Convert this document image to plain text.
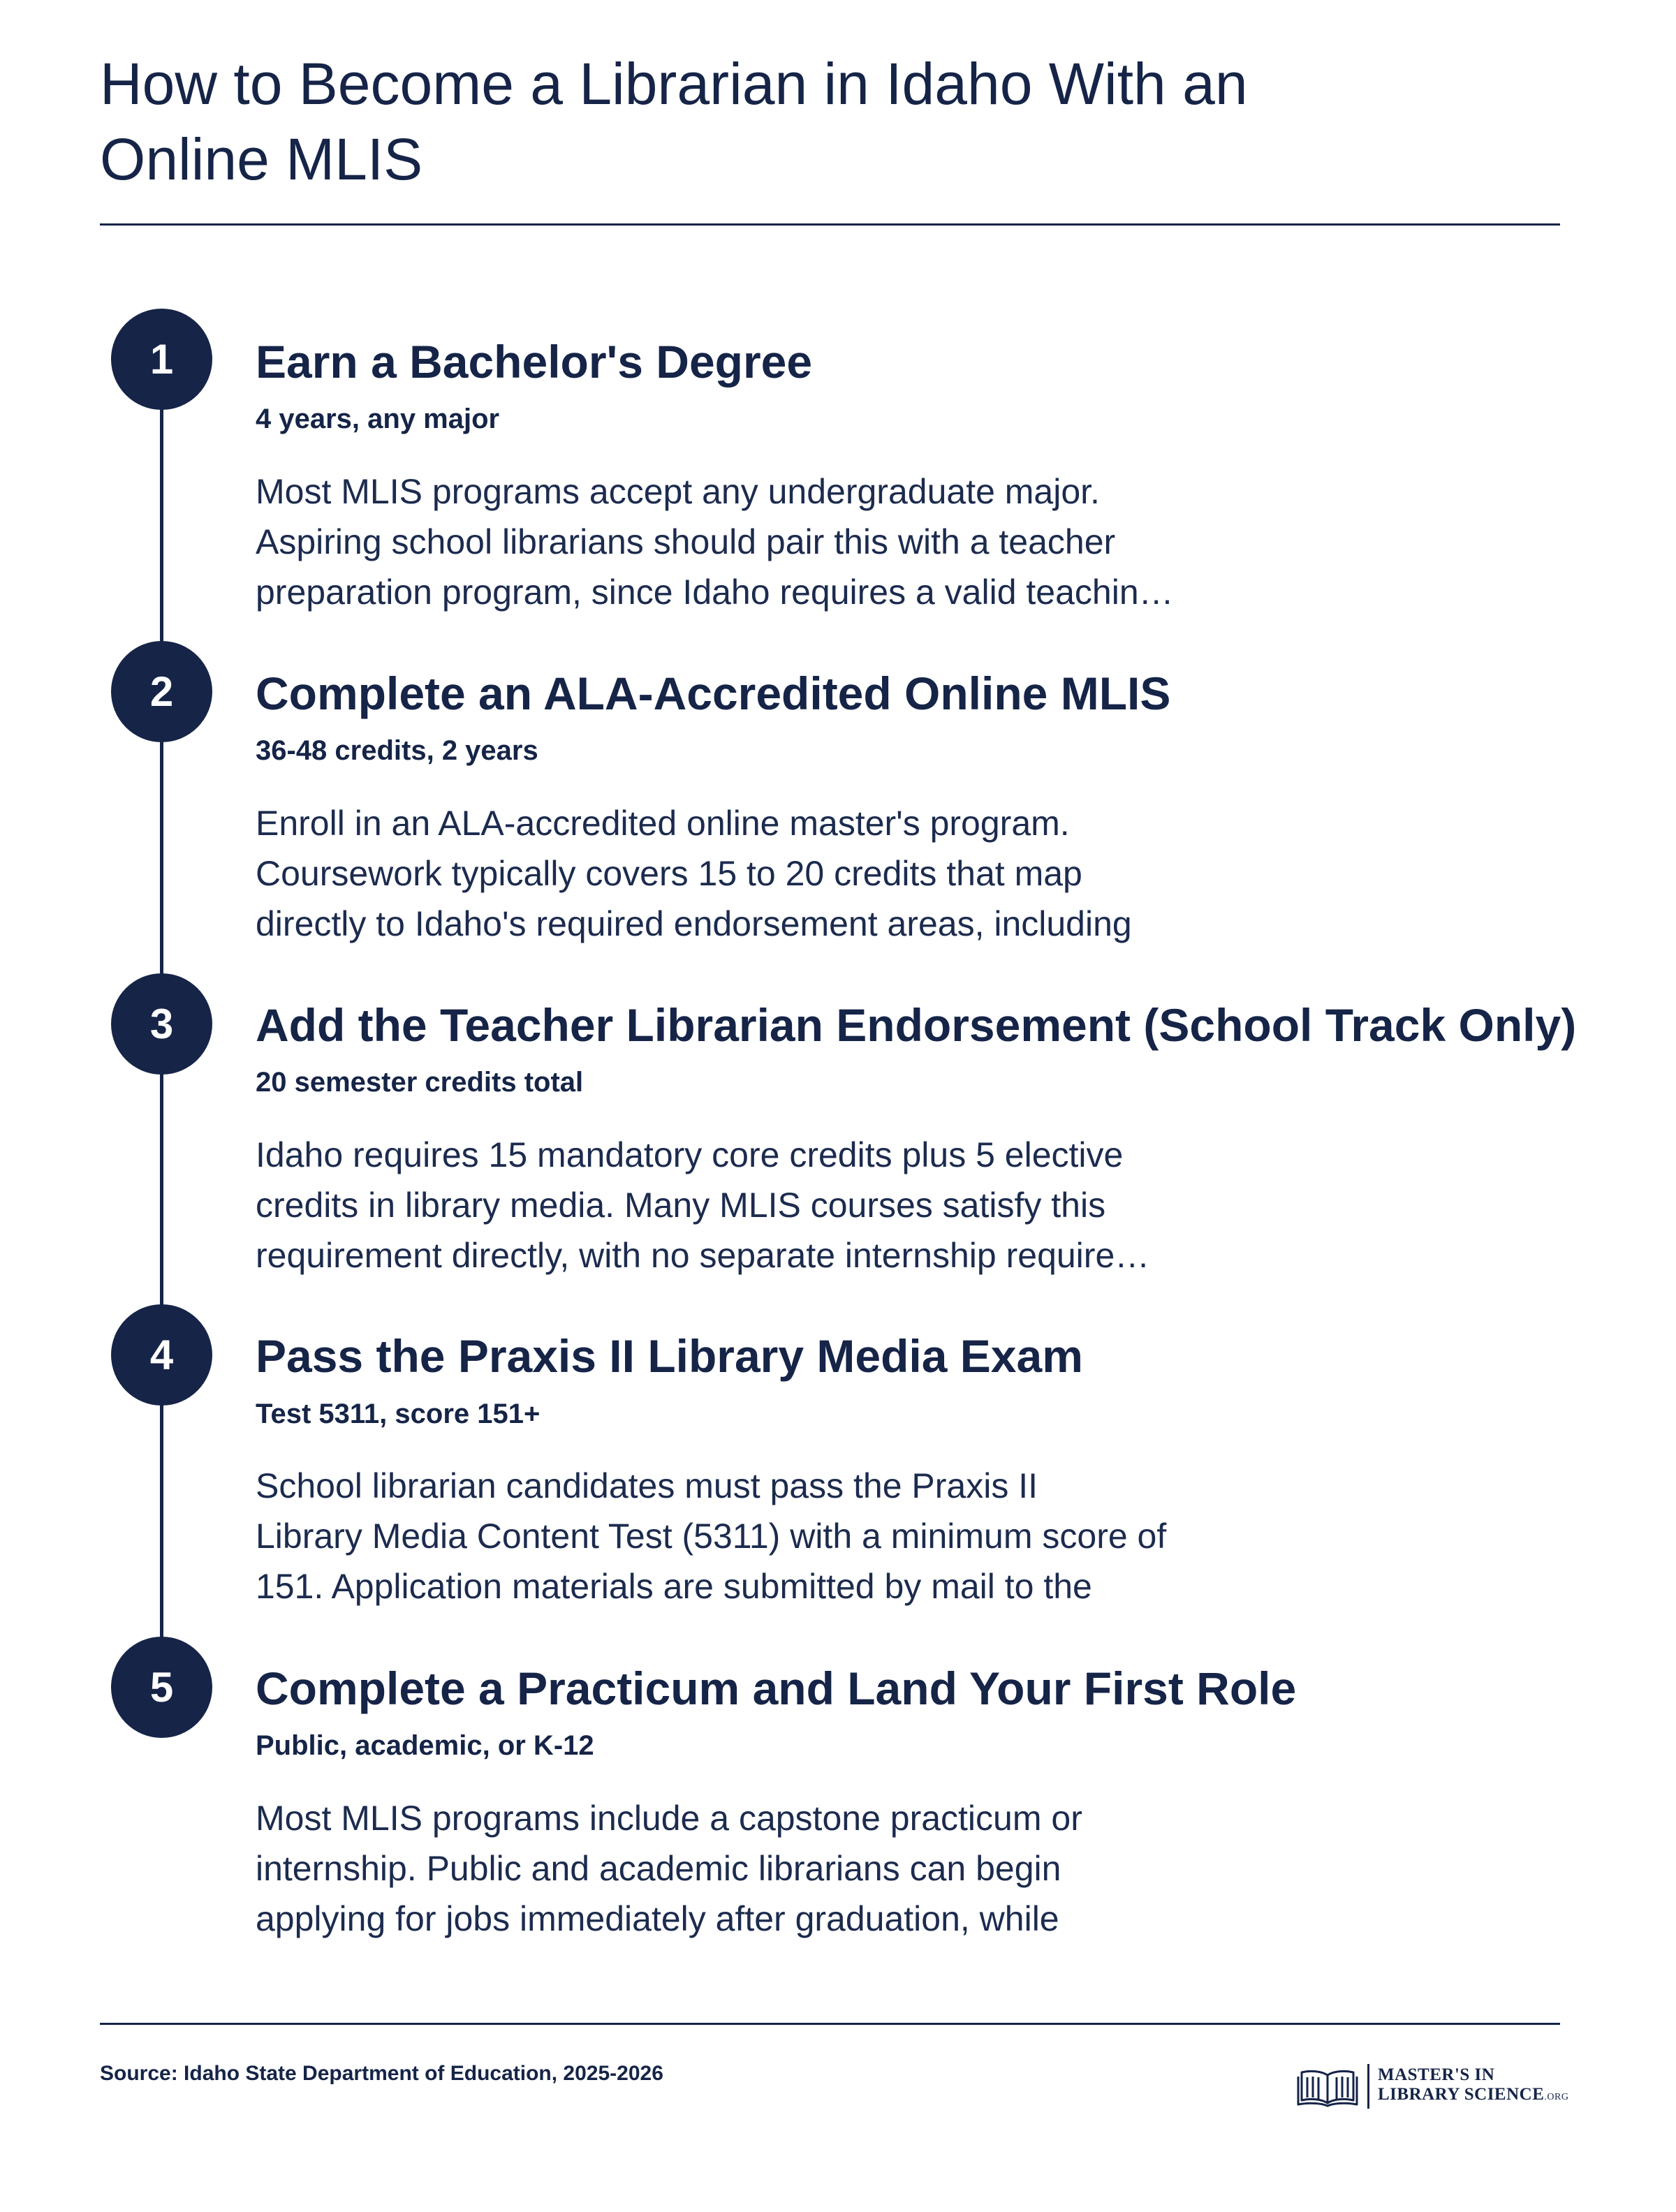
How to Become a Librarian in Idaho With an
Online MLIS
1	Earn a Bachelor's Degree
4 years, any major
Most MLIS programs accept any undergraduate major.
Aspiring school librarians should pair this with a teacher
preparation program, since Idaho requires a valid teachin…
2	Complete an ALA-Accredited Online MLIS
36-48 credits, 2 years
Enroll in an ALA-accredited online master's program.
Coursework typically covers 15 to 20 credits that map
directly to Idaho's required endorsement areas, including
3	Add the Teacher Librarian Endorsement (School Track Only)
20 semester credits total
Idaho requires 15 mandatory core credits plus 5 elective
credits in library media. Many MLIS courses satisfy this
requirement directly, with no separate internship require…
4	Pass the Praxis II Library Media Exam
Test 5311, score 151+
School librarian candidates must pass the Praxis II
Library Media Content Test (5311) with a minimum score of
151. Application materials are submitted by mail to the
5	Complete a Practicum and Land Your First Role
Public, academic, or K-12
Most MLIS programs include a capstone practicum or
internship. Public and academic librarians can begin
applying for jobs immediately after graduation, while
Source: Idaho State Department of Education, 2025-2026	MASTER'S IN
LIBRARY SCIENCE.ORG
